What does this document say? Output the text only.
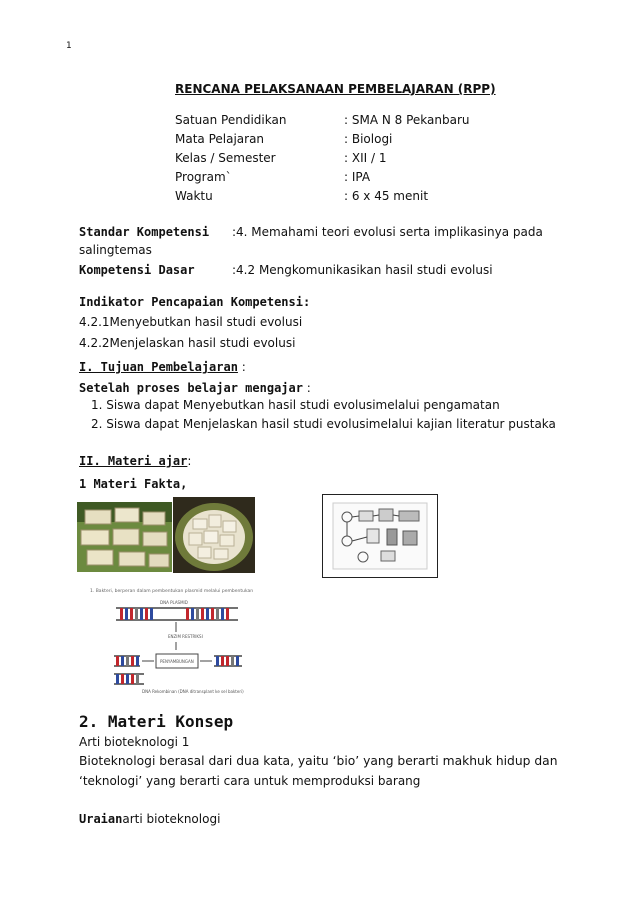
1
RENCANA PELAKSANAAN PEMBELAJARAN (RPP)
Satuan Pendidikan	: SMA N 8 Pekanbaru
Mata Pelajaran	: Biologi
Kelas / Semester	: XII / 1
Program`	: IPA
Waktu	: 6 x 45 menit
Standar Kompetensi :4. Memahami teori evolusi serta implikasinya pada
salingtemas
Kompetensi Dasar	:4.2 Mengkomunikasikan hasil studi evolusi
Indikator Pencapaian Kompetensi:
4.2.1Menyebutkan hasil studi evolusi
4.2.2Menjelaskan hasil studi evolusi
I. Tujuan Pembelajaran :
Setelah proses belajar mengajar :
1. Siswa dapat Menyebutkan hasil studi evolusimelalui pengamatan
2. Siswa dapat Menjelaskan hasil studi evolusimelalui kajian literatur pustaka
II. Materi ajar:
1 Materi Fakta,
1. Bakteri, berperan dalam pembentukan plasmid melalui pembentukan bakteri
DNA PLASMID
ENZIM RESTRIKSI
PENYAMBUNGAN
DNA Rekombinan (DNA ditransplant ke sel bakteri)
2. Materi Konsep
Arti bioteknologi 1
Bioteknologi berasal dari dua kata, yaitu ‘bio’ yang berarti makhuk hidup dan
‘teknologi’ yang berarti cara untuk memproduksi barang
Uraianarti bioteknologi
